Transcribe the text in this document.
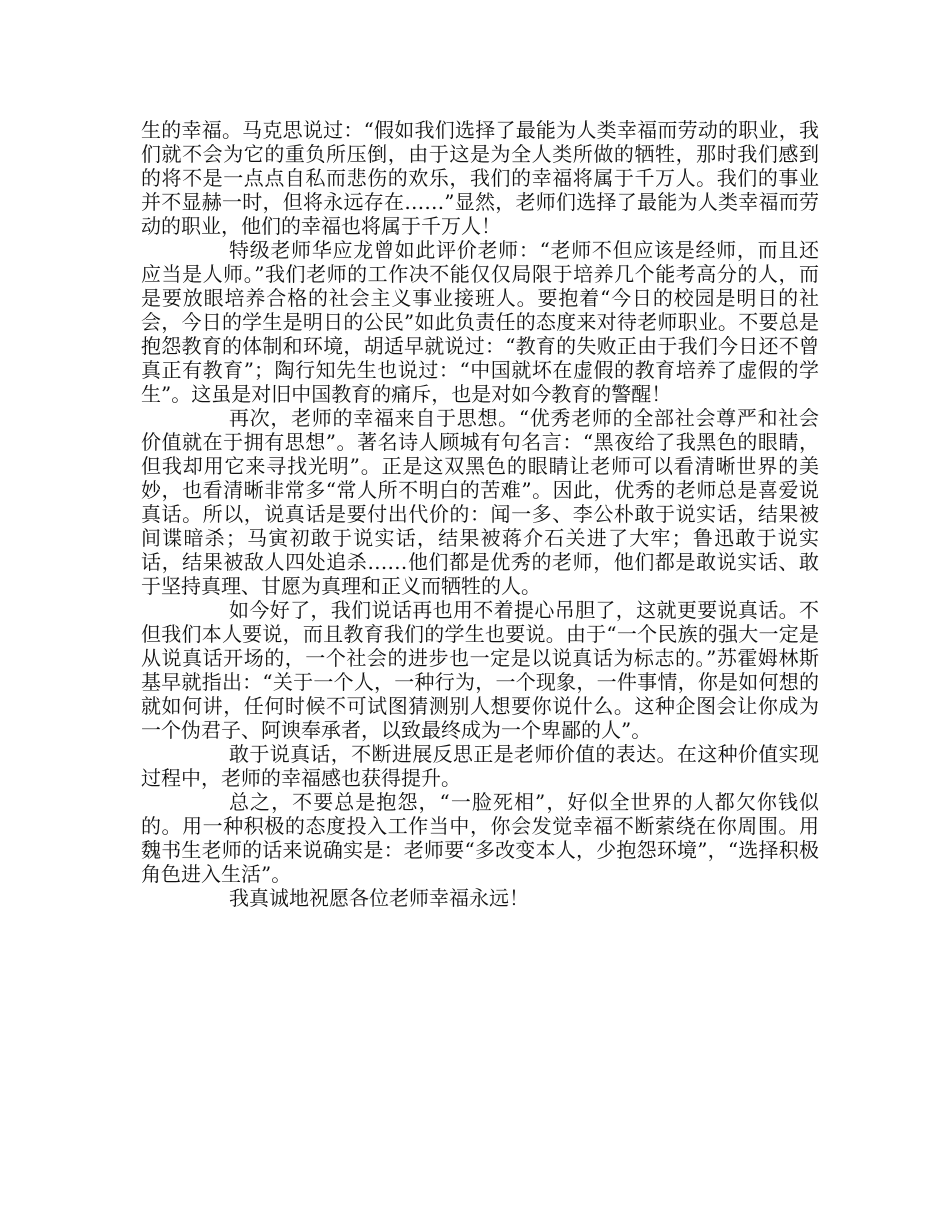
生的幸福。马克思说过：“假如我们选择了最能为人类幸福而劳动的职业，我们就不会为它的重负所压倒，由于这是为全人类所做的牺牲，那时我们感到的将不是一点点自私而悲伤的欢乐，我们的幸福将属于千万人。我们的事业并不显赫一时，但将永远存在……”显然，老师们选择了最能为人类幸福而劳动的职业，他们的幸福也将属于千万人！

特级老师华应龙曾如此评价老师：“老师不但应该是经师，而且还应当是人师。”我们老师的工作决不能仅仅局限于培养几个能考高分的人，而是要放眼培养合格的社会主义事业接班人。要抱着“今日的校园是明日的社会，今日的学生是明日的公民”如此负责任的态度来对待老师职业。不要总是抱怨教育的体制和环境，胡适早就说过：“教育的失败正由于我们今日还不曾真正有教育”；陶行知先生也说过：“中国就坏在虚假的教育培养了虚假的学生”。这虽是对旧中国教育的痛斥，也是对如今教育的警醒！

再次，老师的幸福来自于思想。“优秀老师的全部社会尊严和社会价值就在于拥有思想”。著名诗人顾城有句名言：“黑夜给了我黑色的眼睛，但我却用它来寻找光明”。正是这双黑色的眼睛让老师可以看清晰世界的美妙，也看清晰非常多“常人所不明白的苦难”。因此，优秀的老师总是喜爱说真话。所以，说真话是要付出代价的：闻一多、李公朴敢于说实话，结果被间谍暗杀；马寅初敢于说实话，结果被蒋介石关进了大牢；鲁迅敢于说实话，结果被敌人四处追杀……他们都是优秀的老师，他们都是敢说实话、敢于坚持真理、甘愿为真理和正义而牺牲的人。

如今好了，我们说话再也用不着提心吊胆了，这就更要说真话。不但我们本人要说，而且教育我们的学生也要说。由于“一个民族的强大一定是从说真话开场的，一个社会的进步也一定是以说真话为标志的。”苏霍姆林斯基早就指出：“关于一个人，一种行为，一个现象，一件事情，你是如何想的就如何讲，任何时候不可试图猜测别人想要你说什么。这种企图会让你成为一个伪君子、阿谀奉承者，以致最终成为一个卑鄙的人”。

敢于说真话，不断进展反思正是老师价值的表达。在这种价值实现过程中，老师的幸福感也获得提升。

总之，不要总是抱怨，“一脸死相”，好似全世界的人都欠你钱似的。用一种积极的态度投入工作当中，你会发觉幸福不断萦绕在你周围。用魏书生老师的话来说确实是：老师要“多改变本人，少抱怨环境”，“选择积极角色进入生活”。

我真诚地祝愿各位老师幸福永远！
